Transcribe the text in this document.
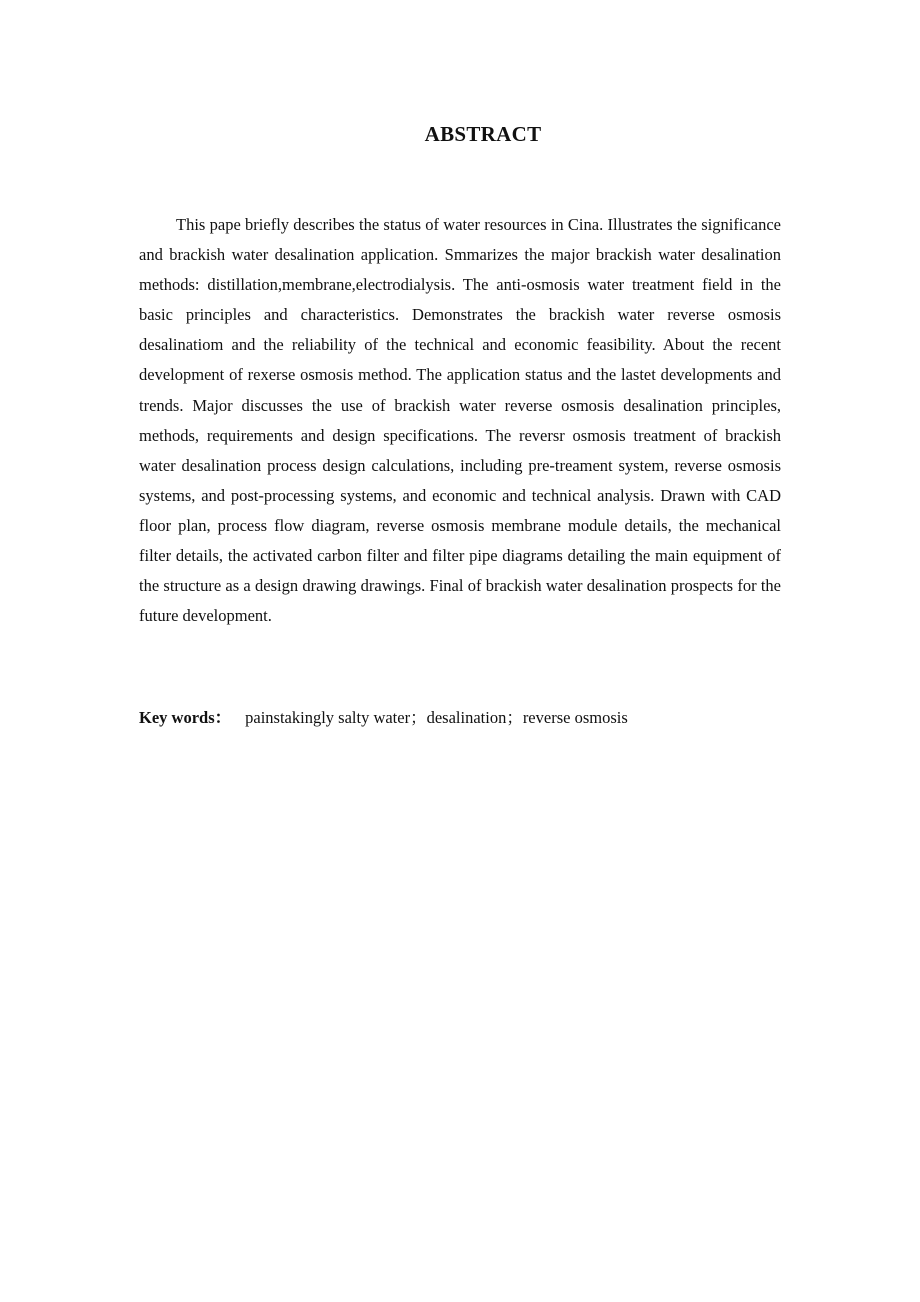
ABSTRACT

This pape briefly describes the status of water resources in Cina. Illustrates the significance and brackish water desalination application. Smmarizes the major brackish water desalination methods: distillation,membrane,electrodialysis. The anti-osmosis water treatment field in the basic principles and characteristics. Demonstrates the brackish water reverse osmosis desalinatiom and the reliability of the technical and economic feasibility. About the recent development of rexerse osmosis method. The application status and the lastet developments and trends. Major discusses the use of brackish water reverse osmosis desalination principles, methods, requirements and design specifications. The reversr osmosis treatment of brackish water desalination process design calculations, including pre-treament system, reverse osmosis systems, and post-processing systems, and economic and technical analysis. Drawn with CAD floor plan, process flow diagram, reverse osmosis membrane module details, the mechanical filter details, the activated carbon filter and filter pipe diagrams detailing the main equipment of the structure as a design drawing drawings. Final of brackish water desalination prospects for the future development.

Key words： painstakingly salty water；desalination；reverse osmosis
